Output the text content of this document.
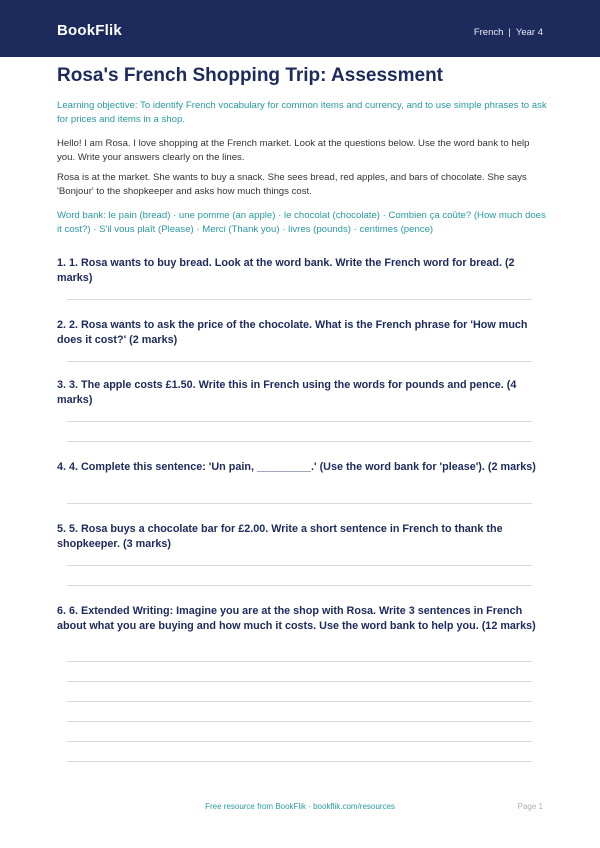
BookFlik	French | Year 4
Rosa's French Shopping Trip: Assessment
Learning objective: To identify French vocabulary for common items and currency, and to use simple phrases to ask for prices and items in a shop.
Hello! I am Rosa. I love shopping at the French market. Look at the questions below. Use the word bank to help you. Write your answers clearly on the lines.
Rosa is at the market. She wants to buy a snack. She sees bread, red apples, and bars of chocolate. She says 'Bonjour' to the shopkeeper and asks how much things cost.
Word bank: le pain (bread) · une pomme (an apple) · le chocolat (chocolate) · Combien ça coûte? (How much does it cost?) · S'il vous plaît (Please) · Merci (Thank you) · livres (pounds) · centimes (pence)
1. 1. Rosa wants to buy bread. Look at the word bank. Write the French word for bread. (2 marks)
2. 2. Rosa wants to ask the price of the chocolate. What is the French phrase for 'How much does it cost?' (2 marks)
3. 3. The apple costs £1.50. Write this in French using the words for pounds and pence. (4 marks)
4. 4. Complete this sentence: 'Un pain, _________.' (Use the word bank for 'please'). (2 marks)
5. 5. Rosa buys a chocolate bar for £2.00. Write a short sentence in French to thank the shopkeeper. (3 marks)
6. 6. Extended Writing: Imagine you are at the shop with Rosa. Write 3 sentences in French about what you are buying and how much it costs. Use the word bank to help you. (12 marks)
Free resource from BookFlik · bookflik.com/resources	Page 1
